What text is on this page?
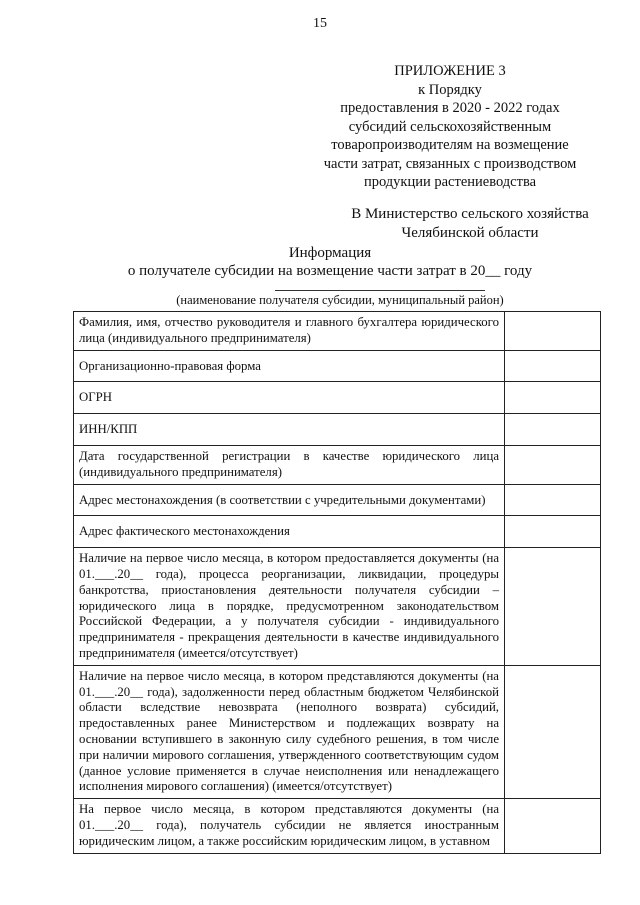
15
ПРИЛОЖЕНИЕ 3
к Порядку
предоставления в 2020 - 2022 годах
субсидий сельскохозяйственным
товаропроизводителям на возмещение
части затрат, связанных с производством
продукции растениеводства
В Министерство сельского хозяйства
Челябинской области
Информация
о получателе субсидии на возмещение части затрат в 20__ году
(наименование получателя субсидии, муниципальный район)
Фамилия, имя, отчество руководителя и главного бухгалтера юридического лица (индивидуального предпринимателя)	
Организационно-правовая форма	
ОГРН	
ИНН/КПП	
Дата государственной регистрации в качестве юридического лица (индивидуального предпринимателя)	
Адрес местонахождения (в соответствии с учредительными документами)	
Адрес фактического местонахождения	
Наличие на первое число месяца, в котором предоставляется документы (на 01.___.20__ года), процесса реорганизации, ликвидации, процедуры банкротства, приостановления деятельности получателя субсидии – юридического лица в порядке, предусмотренном законодательством Российской Федерации, а у получателя субсидии - индивидуального предпринимателя - прекращения деятельности в качестве индивидуального предпринимателя (имеется/отсутствует)	
Наличие на первое число месяца, в котором представляются документы (на 01.___.20__ года), задолженности перед областным бюджетом Челябинской области вследствие невозврата (неполного возврата) субсидий, предоставленных ранее Министерством и подлежащих возврату на основании вступившего в законную силу судебного решения, в том числе при наличии мирового соглашения, утвержденного соответствующим судом (данное условие применяется в случае неисполнения или ненадлежащего исполнения мирового соглашения) (имеется/отсутствует)	
На первое число месяца, в котором представляются документы (на 01.___.20__ года), получатель субсидии не является иностранным юридическим лицом, а также российским юридическим лицом, в уставном	
